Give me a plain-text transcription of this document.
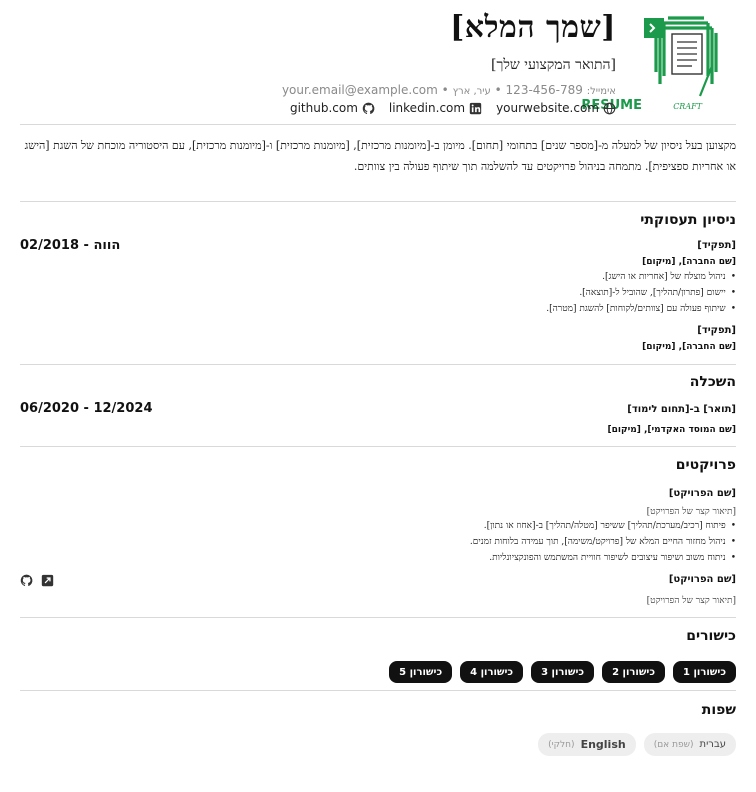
RESUME	CRAFT
[שמך המלא]
[התואר המקצועי שלך]
your.email@example.com •	אימייל: 123-456-789 • עיר, ארץ
yourwebsite.com
linkedin.com
github.com
מקצוען בעל ניסיון של למעלה מ-[מספר שנים] בתחומי [תחום]. מיומן ב-[מיומנות מרכזית], [מיומנות מרכזית] ו-[מיומנות מרכזית], עם היסטוריה מוכחת של השגת [הישג או אחריות ספציפית]. מתמחה בניהול פרויקטים עד להשלמה תוך שיתוף פעולה בין צוותים.
ניסיון תעסוקתי
[תפקיד]
02/2018 - הווה
[שם החברה], [מיקום]
• ניהול מוצלח של [אחריות או הישג].
• יישום [פתרון/תהליך], שהוביל ל-[תוצאה].
• שיתוף פעולה עם [צוותים/לקוחות] להשגת [מטרה].
[תפקיד]
[שם החברה], [מיקום]
השכלה
[תואר] ב-[תחום לימוד]
06/2020 - 12/2024
[שם המוסד האקדמי], [מיקום]
פרויקטים
[שם הפרויקט]
[תיאור קצר של הפרויקט]
• פיתוח [רכיב/מערכת/תהליך] ששיפר [מטלה/תהליך] ב-[אחוז או נתון].
• ניהול מחזור החיים המלא של [פרויקט/משימה], תוך עמידה בלוחות זמנים.
• ניתוח משוב ושיפור עיצובים לשיפור חוויית המשתמש והפונקציונליות.
[שם הפרויקט]
[תיאור קצר של הפרויקט]
כישורים
כישורון 1
כישורון 2
כישורון 3
כישורון 4
כישורון 5
שפות
עברית
(שפת אם)
English
(חלקי)
